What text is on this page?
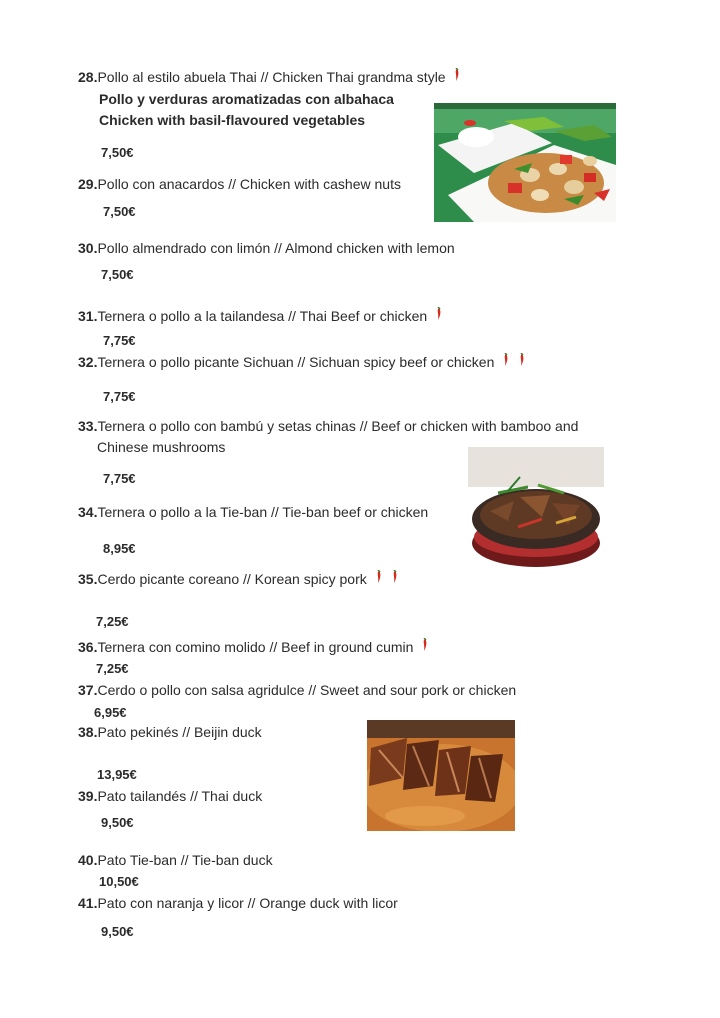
28.Pollo al estilo abuela Thai // Chicken Thai grandma style
Pollo y verduras aromatizadas con albahaca
Chicken with basil-flavoured vegetables
7,50€
29.Pollo con anacardos // Chicken with cashew nuts
7,50€
30.Pollo almendrado con limón // Almond chicken with lemon
7,50€
31.Ternera o pollo a la tailandesa // Thai Beef or chicken
7,75€
32.Ternera o pollo picante Sichuan // Sichuan spicy beef or chicken
7,75€
33.Ternera o pollo con bambú y setas chinas // Beef or chicken with bamboo and
Chinese mushrooms
7,75€
34.Ternera o pollo a la Tie-ban // Tie-ban beef or chicken
8,95€
35.Cerdo picante coreano // Korean spicy pork
7,25€
36.Ternera con comino molido // Beef in ground cumin
7,25€
37.Cerdo o pollo con salsa agridulce // Sweet and sour pork or chicken
6,95€
38.Pato pekinés // Beijin duck
13,95€
39.Pato tailandés // Thai duck
9,50€
40.Pato Tie-ban // Tie-ban duck
10,50€
41.Pato con naranja y licor // Orange duck with licor
9,50€
